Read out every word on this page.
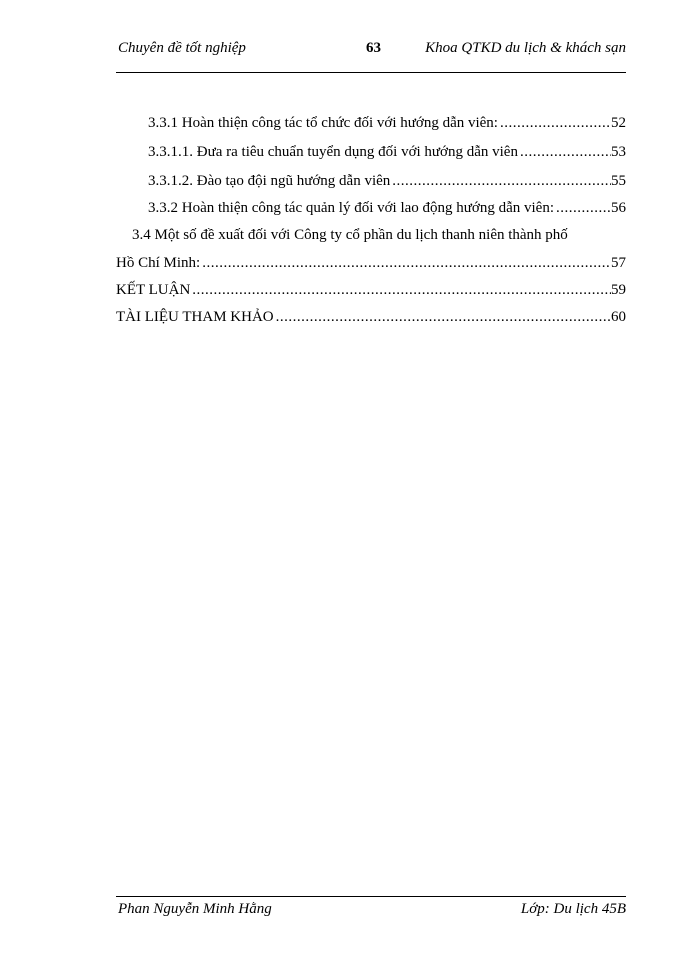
Chuyên đề tốt nghiệp	63	Khoa QTKD du lịch & khách sạn
3.3.1 Hoàn thiện công tác tổ chức đối với hướng dẫn viên: .....	52
3.3.1.1. Đưa ra tiêu chuẩn tuyển dụng đối với hướng dẫn viên .....	53
3.3.1.2. Đào tạo đội ngũ hướng dẫn viên .....	55
3.3.2 Hoàn thiện công tác quản lý đối với lao động hướng dẫn viên: .....	56
3.4 Một số đề xuất đối với Công ty cổ phần du lịch thanh niên thành phố
Hồ Chí Minh: .....	57
KẾT LUẬN .....	59
TÀI LIỆU THAM KHẢO .....	60
Phan Nguyễn Minh Hằng	Lớp: Du lịch 45B
